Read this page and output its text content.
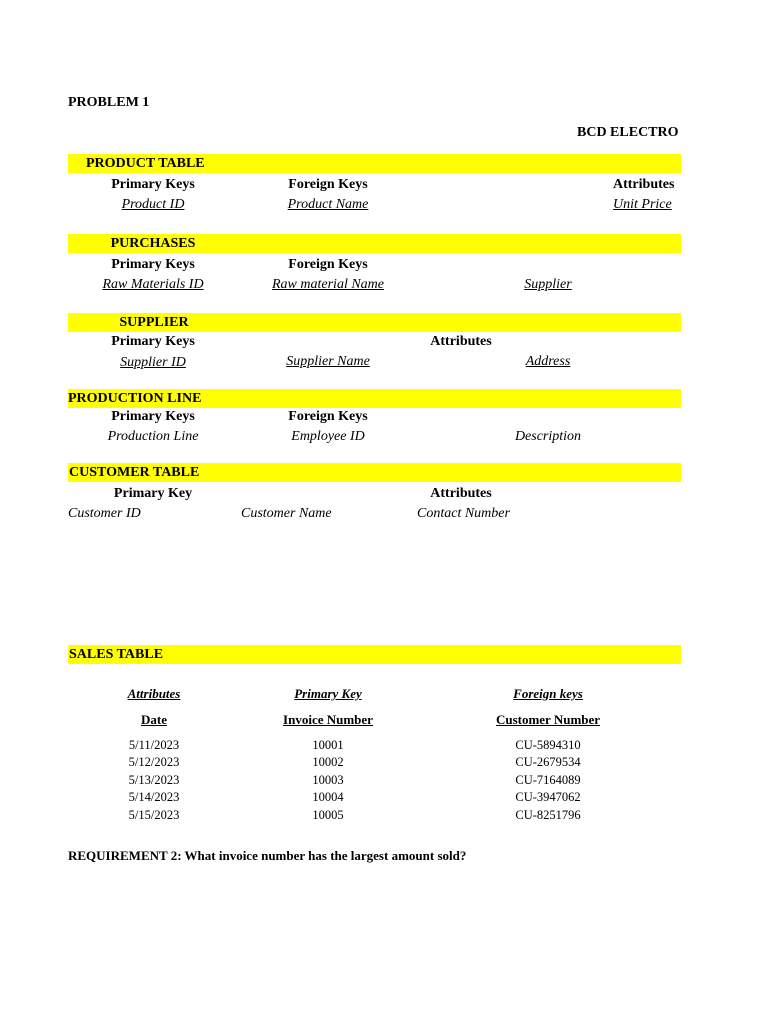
PROBLEM 1
BCD ELECTRO
PRODUCT TABLE
Primary Keys	Foreign Keys	Attributes
Product ID	Product Name	Unit Price
PURCHASES
Primary Keys	Foreign Keys
Raw Materials ID	Raw material Name	Supplier
SUPPLIER
Primary Keys	Attributes
Supplier ID	Supplier Name	Address
PRODUCTION LINE
Primary Keys	Foreign Keys
Production Line	Employee ID	Description
CUSTOMER TABLE
Primary Key	Attributes
Customer ID	Customer Name	Contact Number
SALES TABLE
Attributes	Primary Key	Foreign keys
Date	Invoice Number	Customer Number
5/11/2023	10001	CU-5894310
5/12/2023	10002	CU-2679534
5/13/2023	10003	CU-7164089
5/14/2023	10004	CU-3947062
5/15/2023	10005	CU-8251796
REQUIREMENT 2: What invoice number has the largest amount sold?
